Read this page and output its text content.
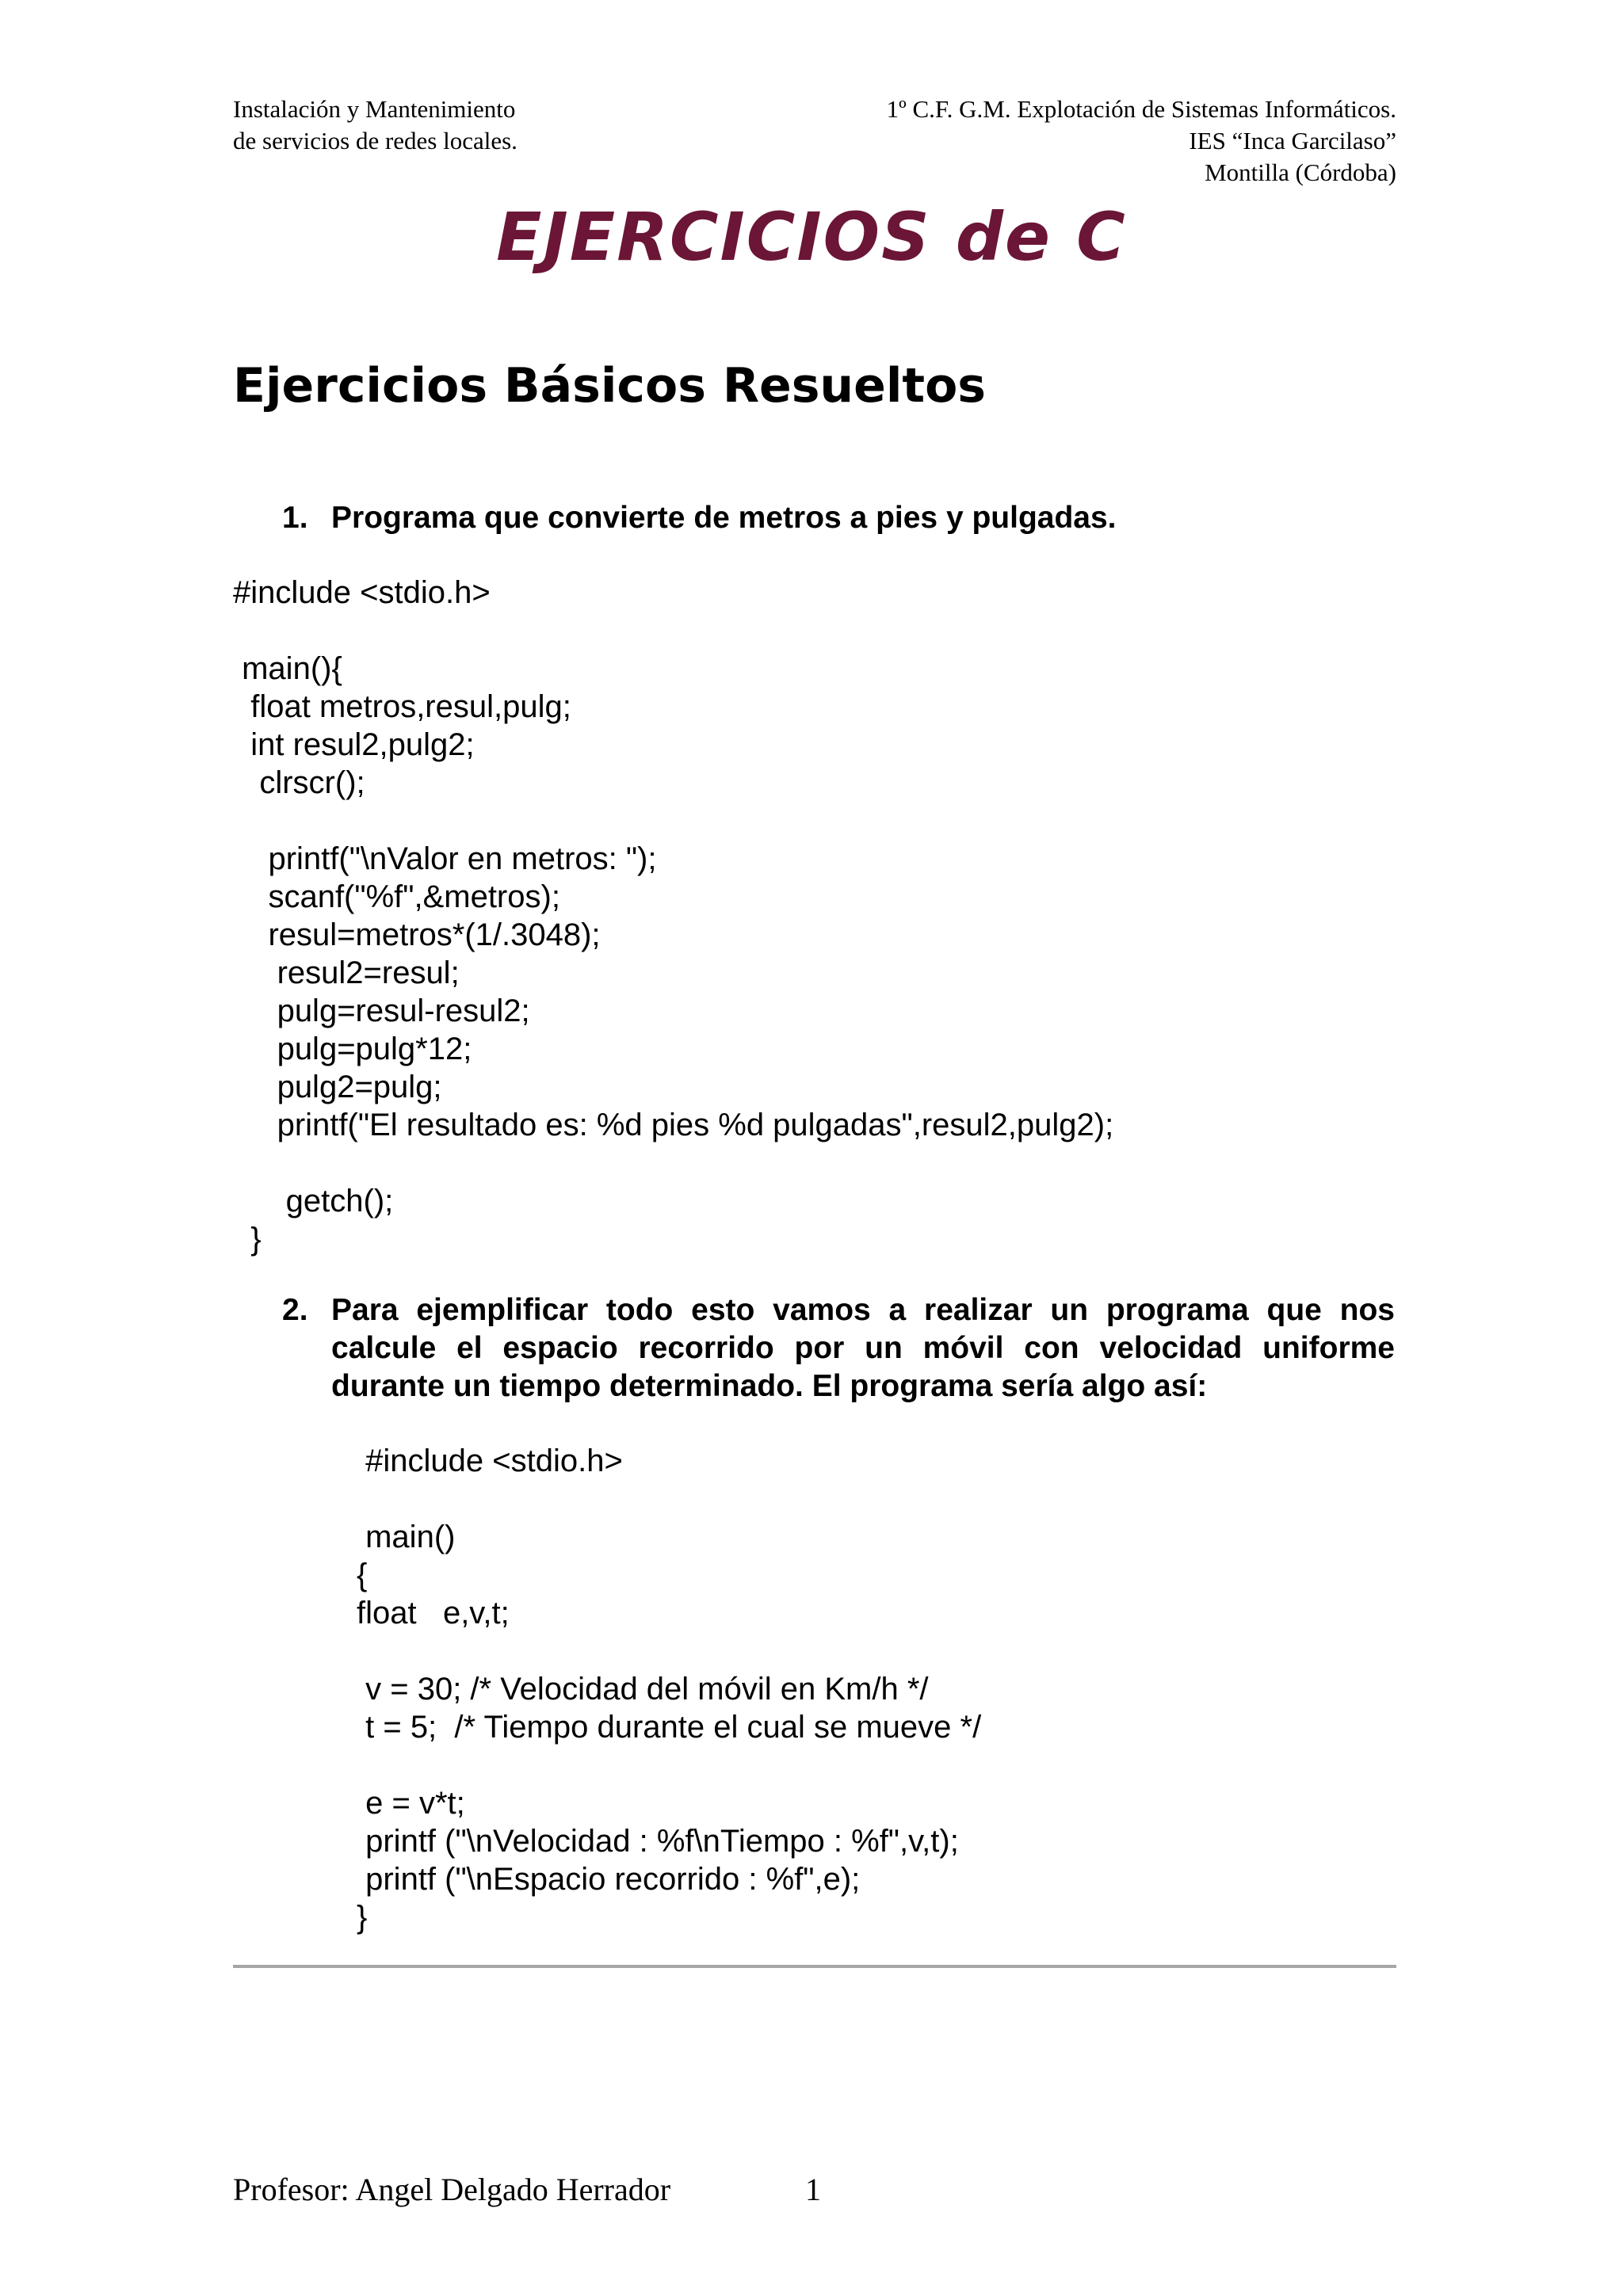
Instalación y Mantenimiento
de servicios de redes locales.
1º C.F. G.M. Explotación de Sistemas Informáticos.
IES “Inca Garcilaso”
Montilla (Córdoba)
EJERCICIOS de C
Ejercicios Básicos Resueltos
1. Programa que convierte de metros a pies y pulgadas.
#include <stdio.h>
main(){
float metros,resul,pulg;
int resul2,pulg2;
clrscr();
printf("\nValor en metros: ");
scanf("%f",&metros);
resul=metros*(1/.3048);
resul2=resul;
pulg=resul-resul2;
pulg=pulg*12;
pulg2=pulg;
printf("El resultado es: %d pies %d pulgadas",resul2,pulg2);
getch();
}
2. Para ejemplificar todo esto vamos a realizar un programa que nos calcule el espacio recorrido por un móvil con velocidad uniforme durante un tiempo determinado. El programa sería algo así:
#include <stdio.h>
main()
{
float   e,v,t;
v = 30; /* Velocidad del móvil en Km/h */
t = 5;  /* Tiempo durante el cual se mueve */
e = v*t;
printf ("\nVelocidad : %f\nTiempo : %f",v,t);
printf ("\nEspacio recorrido : %f",e);
}
Profesor: Angel Delgado Herrador	1
